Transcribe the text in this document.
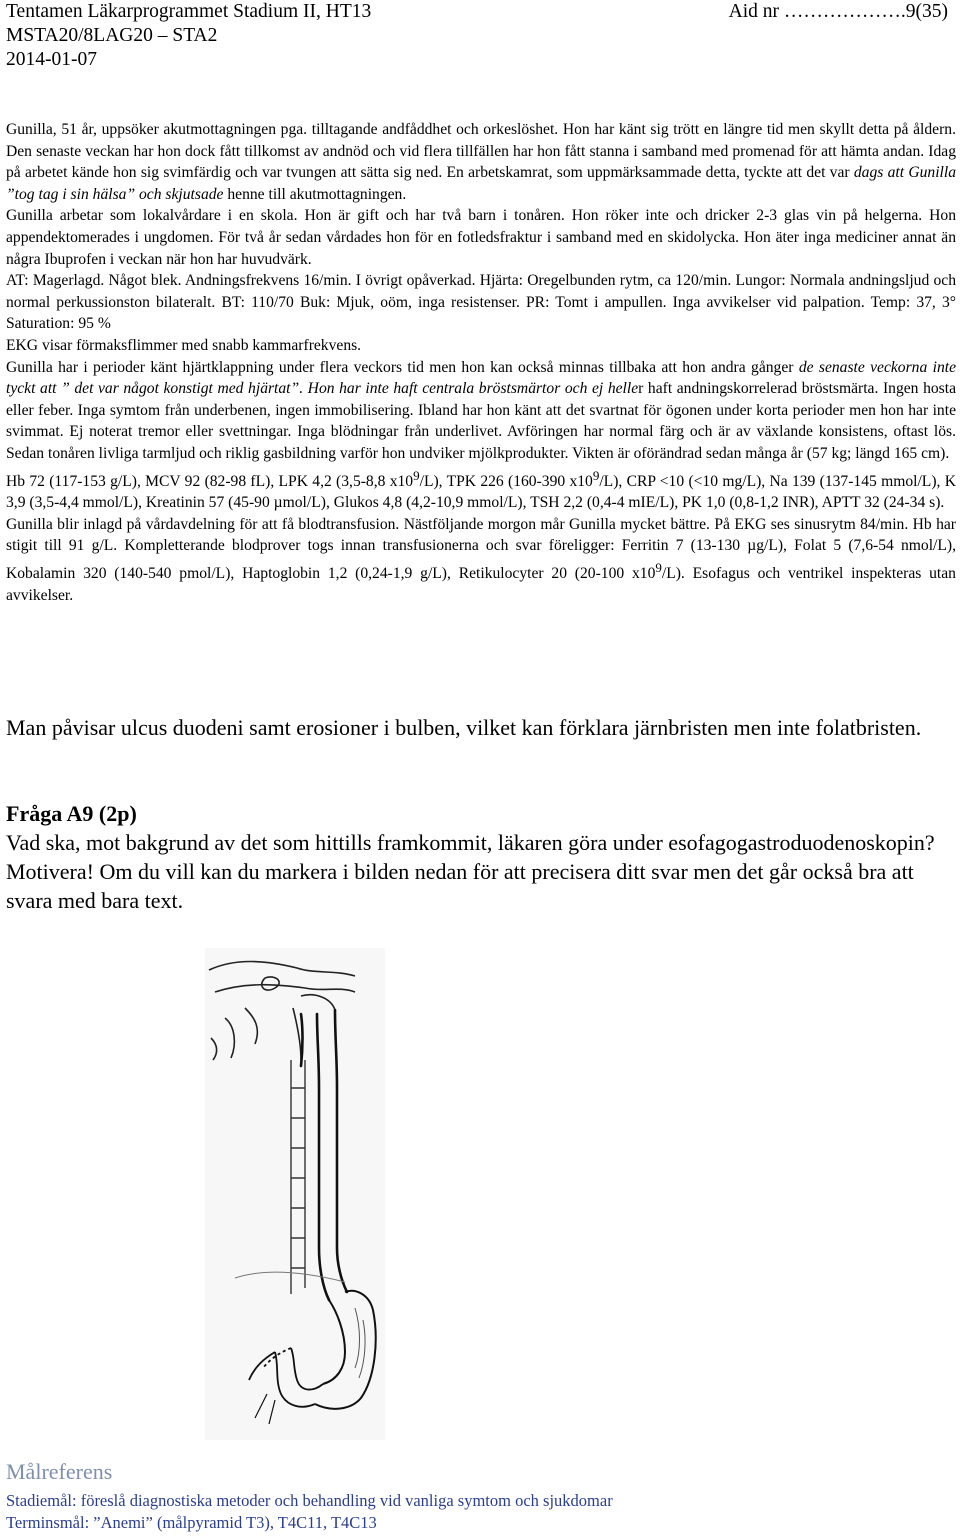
Tentamen Läkarprogrammet Stadium II, HT13
MSTA20/8LAG20 – STA2
2014-01-07
Aid nr ……………….9(35)

Gunilla, 51 år, uppsöker akutmottagningen pga. tilltagande andfåddhet och orkeslöshet. Hon har känt sig trött en längre tid men skyllt detta på åldern. Den senaste veckan har hon dock fått tillkomst av andnöd och vid flera tillfällen har hon fått stanna i samband med promenad för att hämta andan. Idag på arbetet kände hon sig svimfärdig och var tvungen att sätta sig ned. En arbetskamrat, som uppmärksammade detta, tyckte att det var dags att Gunilla ”tog tag i sin hälsa” och skjutsade henne till akutmottagningen.

Gunilla arbetar som lokalvårdare i en skola. Hon är gift och har två barn i tonåren. Hon röker inte och dricker 2-3 glas vin på helgerna. Hon appendektomerades i ungdomen. För två år sedan vårdades hon för en fotledsfraktur i samband med en skidolycka. Hon äter inga mediciner annat än några Ibuprofen i veckan när hon har huvudvärk.

AT: Magerlagd. Något blek. Andningsfrekvens 16/min. I övrigt opåverkad. Hjärta: Oregelbunden rytm, ca 120/min. Lungor: Normala andningsljud och normal perkussionston bilateralt. BT: 110/70 Buk: Mjuk, oöm, inga resistenser. PR: Tomt i ampullen. Inga avvikelser vid palpation. Temp: 37, 3° Saturation: 95 %

EKG visar förmaksflimmer med snabb kammarfrekvens.

Gunilla har i perioder känt hjärtklappning under flera veckors tid men hon kan också minnas tillbaka att hon andra gånger de senaste veckorna inte tyckt att ” det var något konstigt med hjärtat”. Hon har inte haft centrala bröstsmärtor och ej heller haft andningskorrelerad bröstsmärta. Ingen hosta eller feber. Inga symtom från underbenen, ingen immobilisering. Ibland har hon känt att det svartnat för ögonen under korta perioder men hon har inte svimmat. Ej noterat tremor eller svettningar. Inga blödningar från underlivet. Avföringen har normal färg och är av växlande konsistens, oftast lös. Sedan tonåren livliga tarmljud och riklig gasbildning varför hon undviker mjölkprodukter. Vikten är oförändrad sedan många år (57 kg; längd 165 cm).

Hb 72 (117-153 g/L), MCV 92 (82-98 fL), LPK 4,2 (3,5-8,8 $x10^9/L$), TPK 226 (160-390 $x10^9/L$), CRP <10 (<10 mg/L), Na 139 (137-145 mmol/L), K 3,9 (3,5-4,4 mmol/L), Kreatinin 57 (45-90 µmol/L), Glukos 4,8 (4,2-10,9 mmol/L), TSH 2,2 (0,4-4 mIE/L), PK 1,0 (0,8-1,2 INR), APTT 32 (24-34 s).

Gunilla blir inlagd på vårdavdelning för att få blodtransfusion. Nästföljande morgon mår Gunilla mycket bättre. På EKG ses sinusrytm 84/min. Hb har stigit till 91 g/L. Kompletterande blodprover togs innan transfusionerna och svar föreligger: Ferritin 7 (13-130 µg/L), Folat 5 (7,6-54 nmol/L), Kobalamin 320 (140-540 pmol/L), Haptoglobin 1,2 (0,24-1,9 g/L), Retikulocyter 20 (20-100 $x10^9/L$). Esofagus och ventrikel inspekteras utan avvikelser.

Man påvisar ulcus duodeni samt erosioner i bulben, vilket kan förklara järnbristen men inte folatbristen.

Fråga A9 (2p)

Vad ska, mot bakgrund av det som hittills framkommit, läkaren göra under esofagogastroduodenoskopin? Motivera! Om du vill kan du markera i bilden nedan för att precisera ditt svar men det går också bra att svara med bara text.

Målreferens
Stadiemål: föreslå diagnostiska metoder och behandling vid vanliga symtom och sjukdomar
Terminsmål: ”Anemi” (målpyramid T3), T4C11, T4C13
